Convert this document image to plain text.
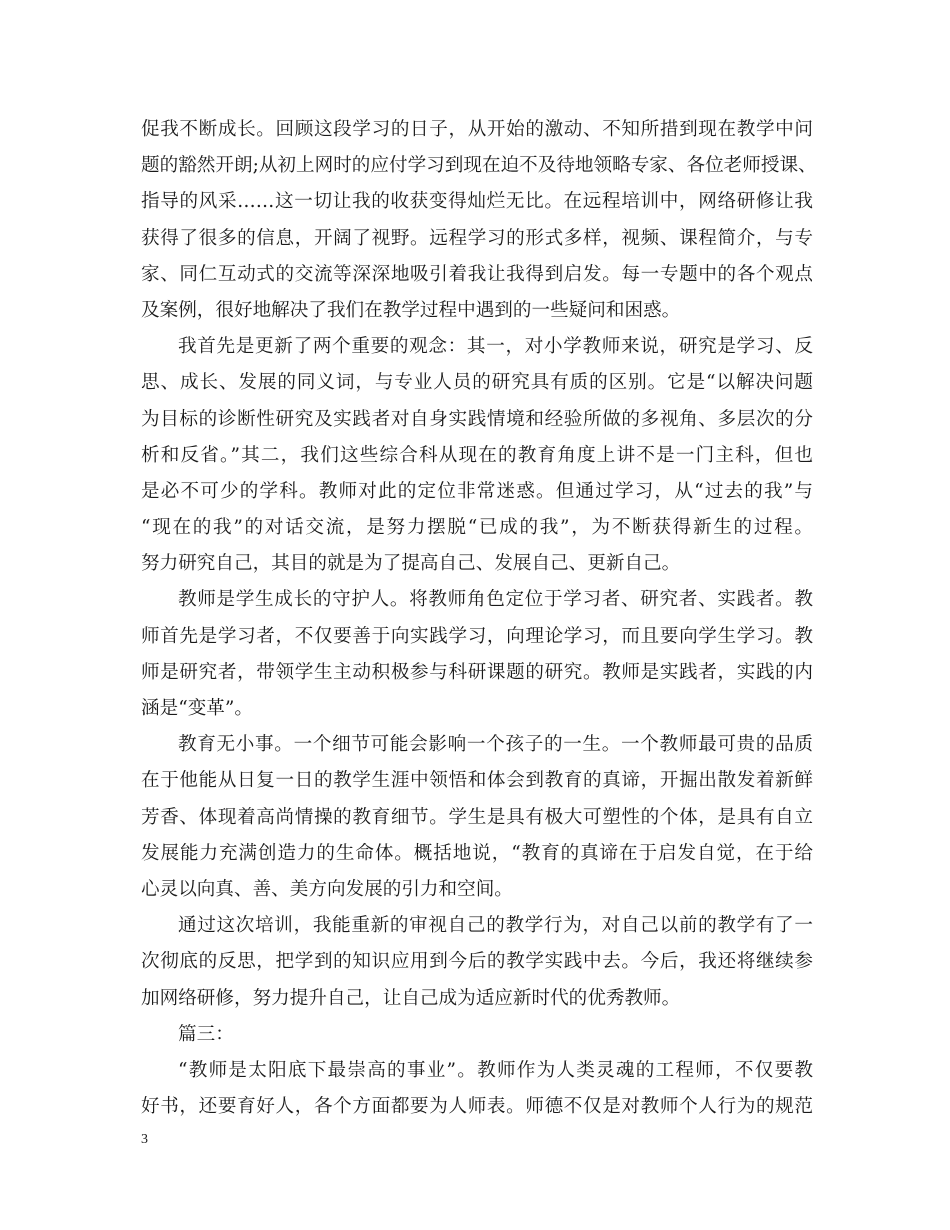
促我不断成长。回顾这段学习的日子，从开始的激动、不知所措到现在教学中问
题的豁然开朗;从初上网时的应付学习到现在迫不及待地领略专家、各位老师授课、
指导的风采……这一切让我的收获变得灿烂无比。在远程培训中，网络研修让我
获得了很多的信息，开阔了视野。远程学习的形式多样，视频、课程简介，与专
家、同仁互动式的交流等深深地吸引着我让我得到启发。每一专题中的各个观点
及案例，很好地解决了我们在教学过程中遇到的一些疑问和困惑。
我首先是更新了两个重要的观念：其一，对小学教师来说，研究是学习、反
思、成长、发展的同义词，与专业人员的研究具有质的区别。它是“以解决问题
为目标的诊断性研究及实践者对自身实践情境和经验所做的多视角、多层次的分
析和反省。”其二，我们这些综合科从现在的教育角度上讲不是一门主科，但也
是必不可少的学科。教师对此的定位非常迷惑。但通过学习，从“过去的我”与
“现在的我”的对话交流，是努力摆脱“已成的我”，为不断获得新生的过程。
努力研究自己，其目的就是为了提高自己、发展自己、更新自己。
教师是学生成长的守护人。将教师角色定位于学习者、研究者、实践者。教
师首先是学习者，不仅要善于向实践学习，向理论学习，而且要向学生学习。教
师是研究者，带领学生主动积极参与科研课题的研究。教师是实践者，实践的内
涵是“变革”。
教育无小事。一个细节可能会影响一个孩子的一生。一个教师最可贵的品质
在于他能从日复一日的教学生涯中领悟和体会到教育的真谛，开掘出散发着新鲜
芳香、体现着高尚情操的教育细节。学生是具有极大可塑性的个体，是具有自立
发展能力充满创造力的生命体。概括地说，“教育的真谛在于启发自觉，在于给
心灵以向真、善、美方向发展的引力和空间。
通过这次培训，我能重新的审视自己的教学行为，对自己以前的教学有了一
次彻底的反思，把学到的知识应用到今后的教学实践中去。今后，我还将继续参
加网络研修，努力提升自己，让自己成为适应新时代的优秀教师。
篇三：
“教师是太阳底下最崇高的事业”。教师作为人类灵魂的工程师，不仅要教
好书，还要育好人，各个方面都要为人师表。师德不仅是对教师个人行为的规范
3
